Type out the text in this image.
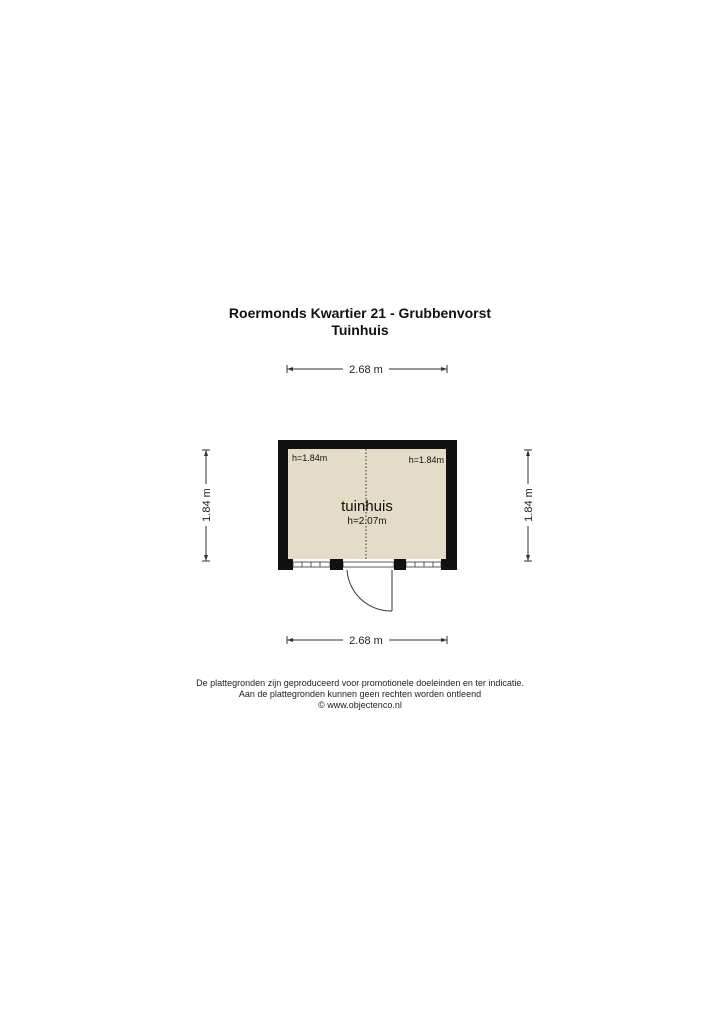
Roermonds Kwartier 21 - Grubbenvorst
Tuinhuis
2.68 m
2.68 m
1.84 m	1.84 m
tuinhuis
h=2.07m
h=1.84m	h=1.84m
De plattegronden zijn geproduceerd voor promotionele doeleinden en ter indicatie.
Aan de plattegronden kunnen geen rechten worden ontleend
© www.objectenco.nl
